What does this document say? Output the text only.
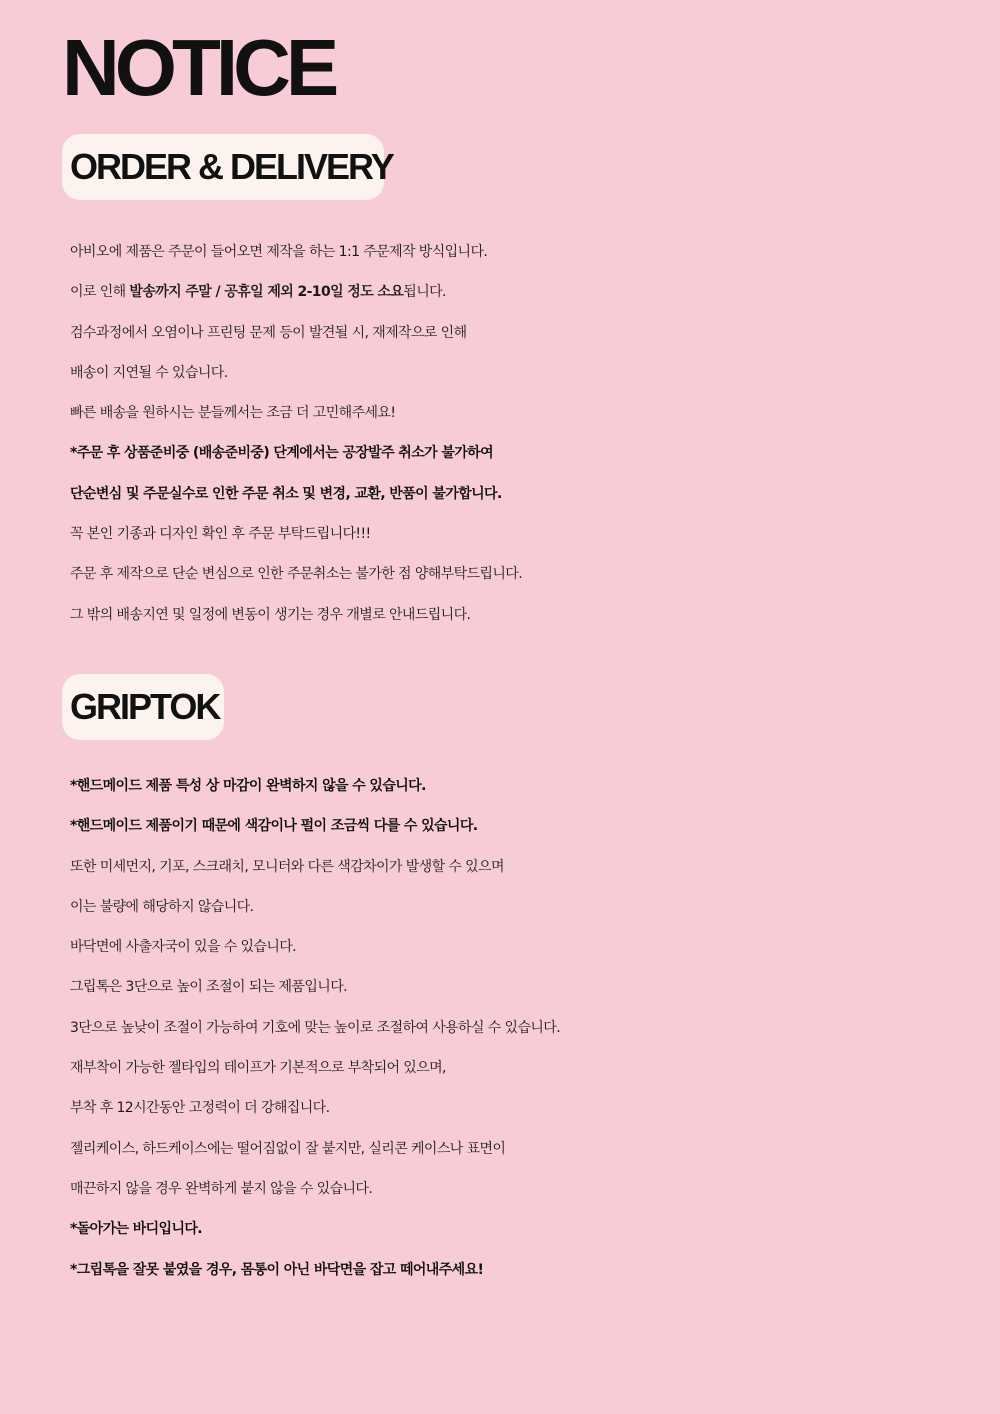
NOTICE
ORDER & DELIVERY
아비오에 제품은 주문이 들어오면 제작을 하는 1:1 주문제작 방식입니다.
이로 인해 발송까지 주말 / 공휴일 제외 2-10일 정도 소요됩니다.
검수과정에서 오염이나 프린팅 문제 등이 발견될 시, 재제작으로 인해
배송이 지연될 수 있습니다.
빠른 배송을 원하시는 분들께서는 조금 더 고민해주세요!
*주문 후 상품준비중 (배송준비중) 단계에서는 공장발주 취소가 불가하여
단순변심 및 주문실수로 인한 주문 취소 및 변경, 교환, 반품이 불가합니다.
꼭 본인 기종과 디자인 확인 후 주문 부탁드립니다!!!
주문 후 제작으로 단순 변심으로 인한 주문취소는 불가한 점 양해부탁드립니다.
그 밖의 배송지연 및 일정에 변동이 생기는 경우 개별로 안내드립니다.
GRIPTOK
*핸드메이드 제품 특성 상 마감이 완벽하지 않을 수 있습니다.
*핸드메이드 제품이기 때문에 색감이나 펄이 조금씩 다를 수 있습니다.
또한 미세먼지, 기포, 스크래치, 모니터와 다른 색감차이가 발생할 수 있으며
이는 불량에 해당하지 않습니다.
바닥면에 사출자국이 있을 수 있습니다.
그립톡은 3단으로 높이 조절이 되는 제품입니다.
3단으로 높낮이 조절이 가능하여 기호에 맞는 높이로 조절하여 사용하실 수 있습니다.
재부착이 가능한 젤타입의 테이프가 기본적으로 부착되어 있으며,
부착 후 12시간동안 고정력이 더 강해집니다.
젤리케이스, 하드케이스에는 떨어짐없이 잘 붙지만, 실리콘 케이스나 표면이
매끈하지 않을 경우 완벽하게 붙지 않을 수 있습니다.
*돌아가는 바디입니다.
*그립톡을 잘못 붙였을 경우, 몸통이 아닌 바닥면을 잡고 떼어내주세요!
